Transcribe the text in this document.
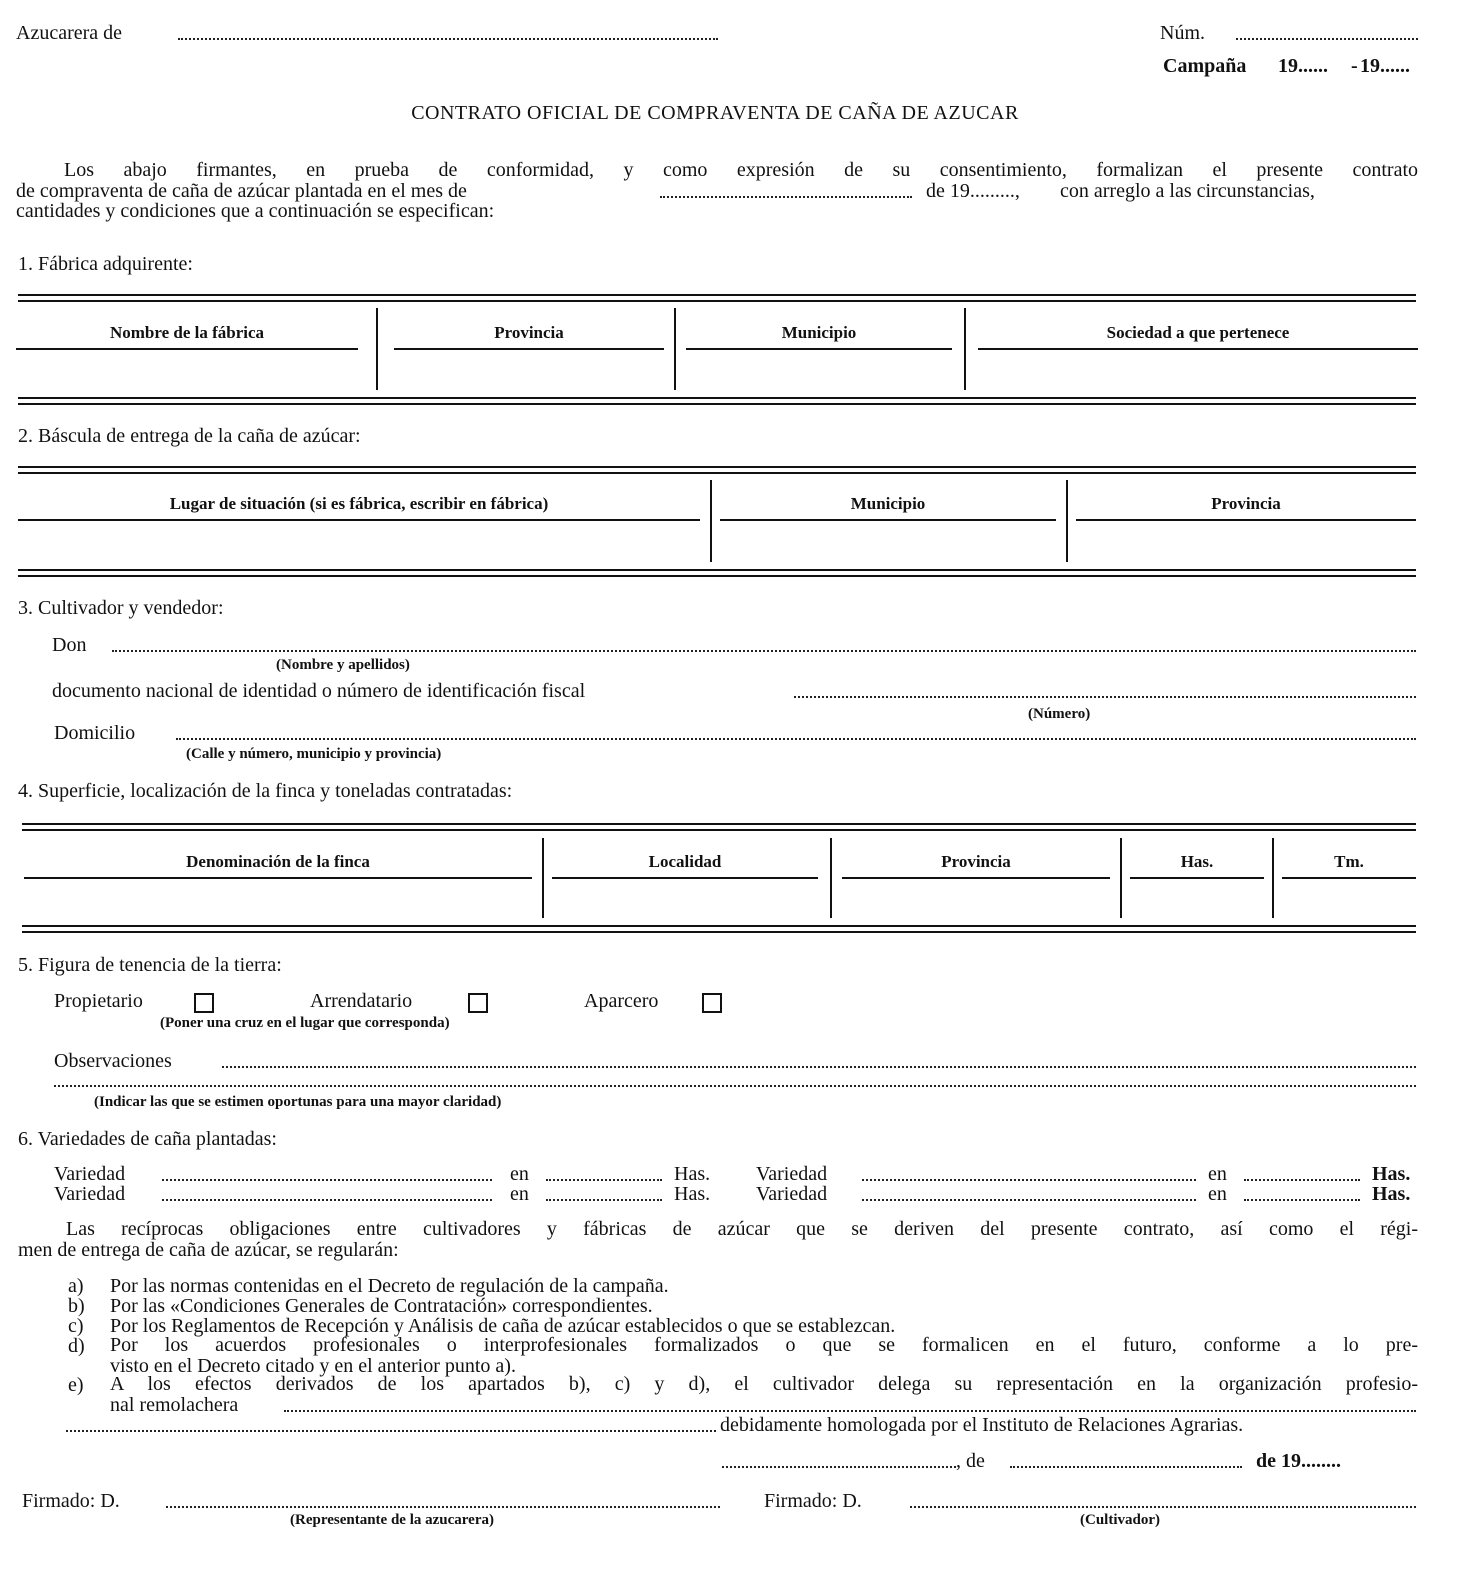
Azucarera de	Núm.
Campaña 19...... - 19......
CONTRATO OFICIAL DE COMPRAVENTA DE CAÑA DE AZUCAR
Los abajo firmantes, en prueba de conformidad, y como expresión de su consentimiento, formalizan el presente contrato
de compraventa de caña de azúcar plantada en el mes de	de 19........., con arreglo a las circunstancias,
cantidades y condiciones que a continuación se especifican:
1. Fábrica adquirente:
Nombre de la fábrica	Provincia	Municipio	Sociedad a que pertenece
2. Báscula de entrega de la caña de azúcar:
Lugar de situación (si es fábrica, escribir en fábrica)	Municipio	Provincia
3. Cultivador y vendedor:
Don
(Nombre y apellidos)
documento nacional de identidad o número de identificación fiscal
(Número)
Domicilio
(Calle y número, municipio y provincia)
4. Superficie, localización de la finca y toneladas contratadas:
Denominación de la finca	Localidad	Provincia	Has.	Tm.
5. Figura de tenencia de la tierra:
Propietario	Arrendatario	Aparcero
(Poner una cruz en el lugar que corresponda)
Observaciones
(Indicar las que se estimen oportunas para una mayor claridad)
6. Variedades de caña plantadas:
Variedad	en	Has. Variedad	en	Has.
Variedad	en	Has. Variedad	en	Has.
Las recíprocas obligaciones entre cultivadores y fábricas de azúcar que se deriven del presente contrato, así como el régi-
men de entrega de caña de azúcar, se regularán:
a) Por las normas contenidas en el Decreto de regulación de la campaña.
b) Por las «Condiciones Generales de Contratación» correspondientes.
c) Por los Reglamentos de Recepción y Análisis de caña de azúcar establecidos o que se establezcan.
d) Por los acuerdos profesionales o interprofesionales formalizados o que se formalicen en el futuro, conforme a lo pre-
visto en el Decreto citado y en el anterior punto a).
e) A los efectos derivados de los apartados b), c) y d), el cultivador delega su representación en la organización profesio-
nal remolachera
debidamente homologada por el Instituto de Relaciones Agrarias.
, de	de 19........
Firmado: D.
(Representante de la azucarera)
Firmado: D.
(Cultivador)
